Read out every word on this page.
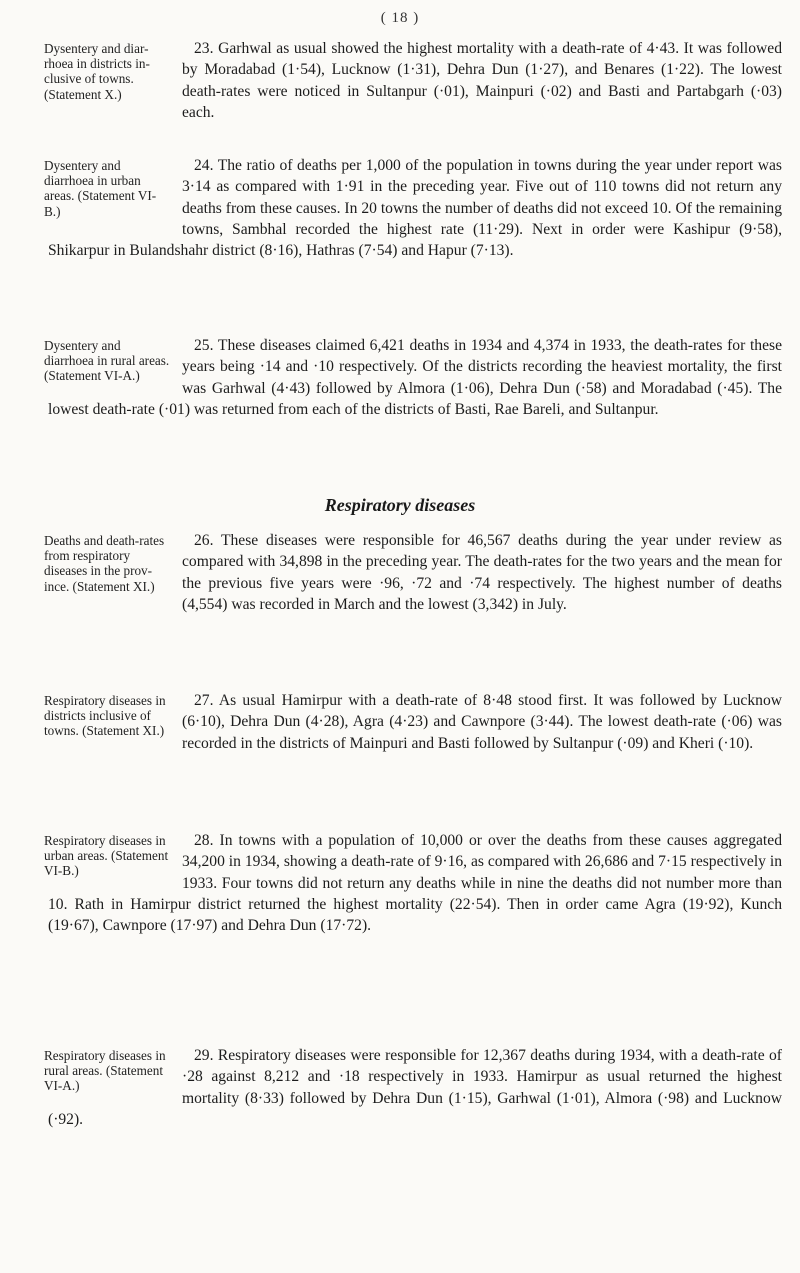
( 18 )
Dysentery and diar-rhoea in districts in-clusive of towns. (Statement X.)

23. Garhwal as usual showed the highest mortality with a death-rate of 4·43. It was followed by Moradabad (1·54), Lucknow (1·31), Dehra Dun (1·27), and Benares (1·22). The lowest death-rates were noticed in Sultanpur (·01), Mainpuri (·02) and Basti and Partabgarh (·03) each.

Dysentery and diarrhoea in urban areas. (Statement VI-B.)

24. The ratio of deaths per 1,000 of the population in towns during the year under report was 3·14 as compared with 1·91 in the preceding year. Five out of 110 towns did not return any deaths from these causes. In 20 towns the number of deaths did not exceed 10. Of the remaining towns, Sambhal recorded the highest rate (11·29). Next in order were Kashipur (9·58), Shikarpur in Bulandshahr district (8·16), Hathras (7·54) and Hapur (7·13).

Dysentery and diarrhoea in rural areas. (Statement VI-A.)

25. These diseases claimed 6,421 deaths in 1934 and 4,374 in 1933, the death-rates for these years being ·14 and ·10 respectively. Of the districts recording the heaviest mortality, the first was Garhwal (4·43) followed by Almora (1·06), Dehra Dun (·58) and Moradabad (·45). The lowest death-rate (·01) was returned from each of the districts of Basti, Rae Bareli, and Sultanpur.

Respiratory diseases
Deaths and death-rates from respiratory diseases in the prov-ince. (Statement XI.)

26. These diseases were responsible for 46,567 deaths during the year under review as compared with 34,898 in the preceding year. The death-rates for the two years and the mean for the previous five years were ·96, ·72 and ·74 respectively. The highest number of deaths (4,554) was recorded in March and the lowest (3,342) in July.

Respiratory diseases in districts inclusive of towns. (Statement XI.)

27. As usual Hamirpur with a death-rate of 8·48 stood first. It was followed by Lucknow (6·10), Dehra Dun (4·28), Agra (4·23) and Cawnpore (3·44). The lowest death-rate (·06) was recorded in the districts of Mainpuri and Basti followed by Sultanpur (·09) and Kheri (·10).

Respiratory diseases in urban areas. (Statement VI-B.)

28. In towns with a population of 10,000 or over the deaths from these causes aggregated 34,200 in 1934, showing a death-rate of 9·16, as compared with 26,686 and 7·15 respectively in 1933. Four towns did not return any deaths while in nine the deaths did not number more than 10. Rath in Hamirpur district returned the highest mortality (22·54). Then in order came Agra (19·92), Kunch (19·67), Cawnpore (17·97) and Dehra Dun (17·72).

Respiratory diseases in rural areas. (Statement VI-A.)

29. Respiratory diseases were responsible for 12,367 deaths during 1934, with a death-rate of ·28 against 8,212 and ·18 respectively in 1933. Hamirpur as usual returned the highest mortality (8·33) followed by Dehra Dun (1·15), Garhwal (1·01), Almora (·98) and Lucknow (·92).
